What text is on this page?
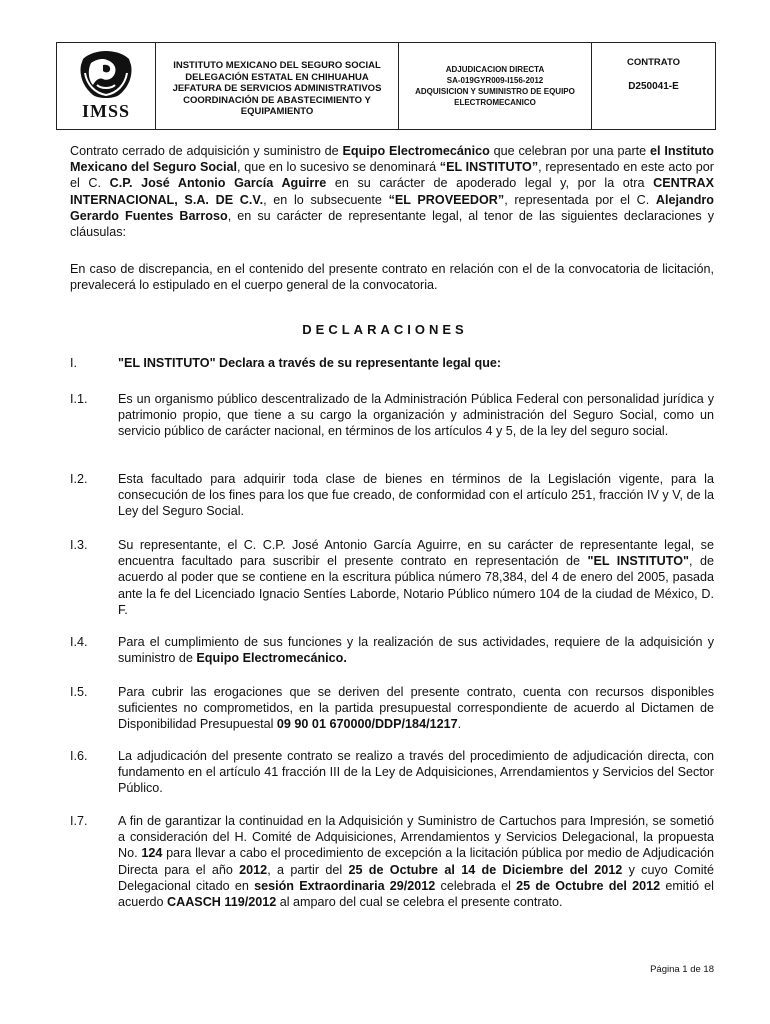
IMSS
INSTITUTO MEXICANO DEL SEGURO SOCIAL
DELEGACIÓN ESTATAL EN CHIHUAHUA
JEFATURA DE SERVICIOS ADMINISTRATIVOS
COORDINACIÓN DE ABASTECIMIENTO Y
EQUIPAMIENTO
ADJUDICACION DIRECTA
SA-019GYR009-I156-2012
ADQUISICION Y SUMINISTRO DE EQUIPO
ELECTROMECANICO
CONTRATO
D250041-E
Contrato cerrado de adquisición y suministro de Equipo Electromecánico que celebran por una parte el Instituto Mexicano del Seguro Social, que en lo sucesivo se denominará “EL INSTITUTO”, representado en este acto por el C. C.P. José Antonio García Aguirre en su carácter de apoderado legal y, por la otra CENTRAX INTERNACIONAL, S.A. DE C.V., en lo subsecuente “EL PROVEEDOR”, representada por el C. Alejandro Gerardo Fuentes Barroso, en su carácter de representante legal, al tenor de las siguientes declaraciones y cláusulas:
En caso de discrepancia, en el contenido del presente contrato en relación con el de la convocatoria de licitación, prevalecerá lo estipulado en el cuerpo general de la convocatoria.
DECLARACIONES
I.	"EL INSTITUTO" Declara a través de su representante legal que:
I.1. Es un organismo público descentralizado de la Administración Pública Federal con personalidad jurídica y patrimonio propio, que tiene a su cargo la organización y administración del Seguro Social, como un servicio público de carácter nacional, en términos de los artículos 4 y 5, de la ley del seguro social.
I.2. Esta facultado para adquirir toda clase de bienes en términos de la Legislación vigente, para la consecución de los fines para los que fue creado, de conformidad con el artículo 251, fracción IV y V, de la Ley del Seguro Social.
I.3. Su representante, el C. C.P. José Antonio García Aguirre, en su carácter de representante legal, se encuentra facultado para suscribir el presente contrato en representación de "EL INSTITUTO", de acuerdo al poder que se contiene en la escritura pública número 78,384, del 4 de enero del 2005, pasada ante la fe del Licenciado Ignacio Sentíes Laborde, Notario Público número 104 de la ciudad de México, D. F.
I.4. Para el cumplimiento de sus funciones y la realización de sus actividades, requiere de la adquisición y suministro de Equipo Electromecánico.
I.5. Para cubrir las erogaciones que se deriven del presente contrato, cuenta con recursos disponibles suficientes no comprometidos, en la partida presupuestal correspondiente de acuerdo al Dictamen de Disponibilidad Presupuestal 09 90 01 670000/DDP/184/1217.
I.6. La adjudicación del presente contrato se realizo a través del procedimiento de adjudicación directa, con fundamento en el artículo 41 fracción III de la Ley de Adquisiciones, Arrendamientos y Servicios del Sector Público.
I.7. A fin de garantizar la continuidad en la Adquisición y Suministro de Cartuchos para Impresión, se sometió a consideración del H. Comité de Adquisiciones, Arrendamientos y Servicios Delegacional, la propuesta No. 124 para llevar a cabo el procedimiento de excepción a la licitación pública por medio de Adjudicación Directa para el año 2012, a partir del 25 de Octubre al 14 de Diciembre del 2012 y cuyo Comité Delegacional citado en sesión Extraordinaria 29/2012 celebrada el 25 de Octubre del 2012 emitió el acuerdo CAASCH 119/2012 al amparo del cual se celebra el presente contrato.
Página 1 de 18
